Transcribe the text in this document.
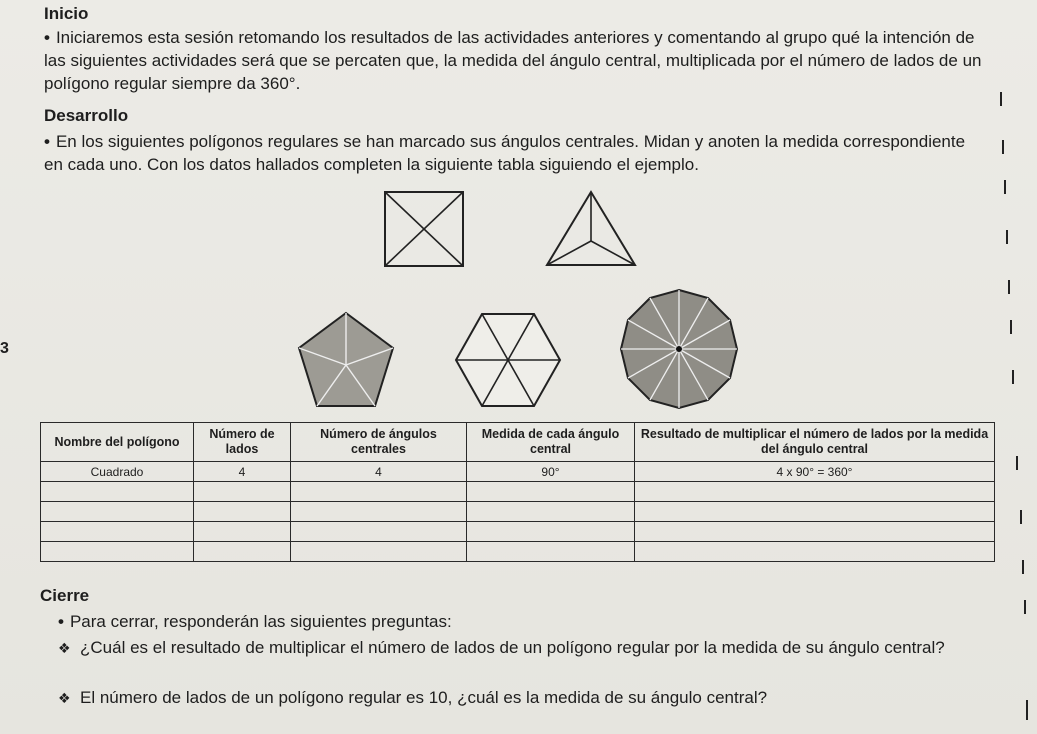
Inicio
• Iniciaremos esta sesión retomando los resultados de las actividades anteriores y comentando al grupo qué la intención de las siguientes actividades será que se percaten que, la medida del ángulo central, multiplicada por el número de lados de un polígono regular siempre da 360°.
Desarrollo
• En los siguientes polígonos regulares se han marcado sus ángulos centrales. Midan y anoten la medida correspondiente en cada uno. Con los datos hallados completen la siguiente tabla siguiendo el ejemplo.
3
Nombre del polígono	Número de lados	Número de ángulos centrales	Medida de cada ángulo central	Resultado de multiplicar el número de lados por la medida del ángulo central
Cuadrado	4	4	90°	4 x 90° = 360°

Cierre
• Para cerrar, responderán las siguientes preguntas:
❖ ¿Cuál es el resultado de multiplicar el número de lados de un polígono regular por la medida de su ángulo central?
❖ El número de lados de un polígono regular es 10, ¿cuál es la medida de su ángulo central?
